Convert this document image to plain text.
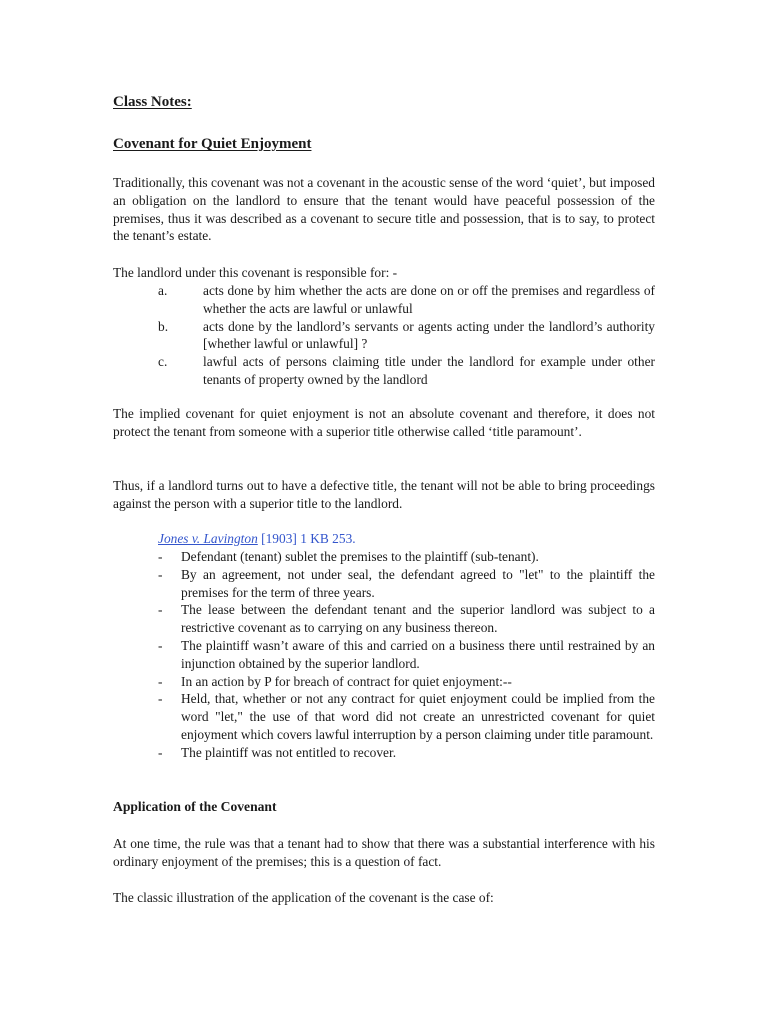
Class Notes:
Covenant for Quiet Enjoyment

Traditionally, this covenant was not a covenant in the acoustic sense of the word ‘quiet’, but imposed an obligation on the landlord to ensure that the tenant would have peaceful possession of the premises, thus it was described as a covenant to secure title and possession, that is to say, to protect the tenant’s estate.

The landlord under this covenant is responsible for: -

a.	acts done by him whether the acts are done on or off the premises and regardless of whether the acts are lawful or unlawful
b.	acts done by the landlord’s servants or agents acting under the landlord’s authority [whether lawful or unlawful] ?
c.	lawful acts of persons claiming title under the landlord for example under other tenants of property owned by the landlord

The implied covenant for quiet enjoyment is not an absolute covenant and therefore, it does not protect the tenant from someone with a superior title otherwise called ‘title paramount’.

Thus, if a landlord turns out to have a defective title, the tenant will not be able to bring proceedings against the person with a superior title to the landlord.

Jones v. Lavington [1903] 1 KB 253.
-	Defendant (tenant) sublet the premises to the plaintiff (sub-tenant).
-	By an agreement, not under seal, the defendant agreed to "let" to the plaintiff the premises for the term of three years.
-	The lease between the defendant tenant and the superior landlord was subject to a restrictive covenant as to carrying on any business thereon.
-	The plaintiff wasn’t aware of this and carried on a business there until restrained by an injunction obtained by the superior landlord.
-	In an action by P for breach of contract for quiet enjoyment:--
-	Held, that, whether or not any contract for quiet enjoyment could be implied from the word "let," the use of that word did not create an unrestricted covenant for quiet enjoyment which covers lawful interruption by a person claiming under title paramount.
-	The plaintiff was not entitled to recover.
Application of the Covenant

At one time, the rule was that a tenant had to show that there was a substantial interference with his ordinary enjoyment of the premises; this is a question of fact.

The classic illustration of the application of the covenant is the case of:
